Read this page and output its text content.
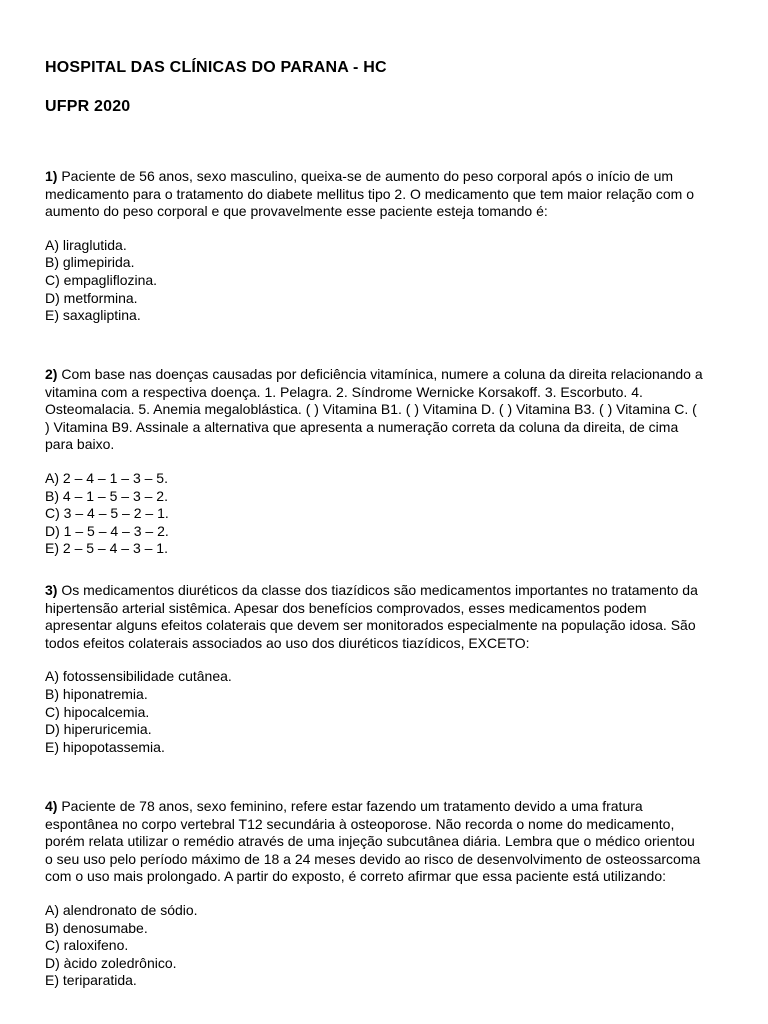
HOSPITAL DAS CLÍNICAS DO PARANA - HC
UFPR 2020

1) Paciente de 56 anos, sexo masculino, queixa-se de aumento do peso corporal após o início de um medicamento para o tratamento do diabete mellitus tipo 2. O medicamento que tem maior relação com o aumento do peso corporal e que provavelmente esse paciente esteja tomando é:

A) liraglutida.
B) glimepirida.
C) empagliflozina.
D) metformina.
E) saxagliptina.

2) Com base nas doenças causadas por deficiência vitamínica, numere a coluna da direita relacionando a vitamina com a respectiva doença. 1. Pelagra. 2. Síndrome Wernicke Korsakoff. 3. Escorbuto. 4. Osteomalacia. 5. Anemia megaloblástica. ( ) Vitamina B1. ( ) Vitamina D. ( ) Vitamina B3. ( ) Vitamina C. ( ) Vitamina B9. Assinale a alternativa que apresenta a numeração correta da coluna da direita, de cima para baixo.

A) 2 – 4 – 1 – 3 – 5.
B) 4 – 1 – 5 – 3 – 2.
C) 3 – 4 – 5 – 2 – 1.
D) 1 – 5 – 4 – 3 – 2.
E) 2 – 5 – 4 – 3 – 1.

3) Os medicamentos diuréticos da classe dos tiazídicos são medicamentos importantes no tratamento da hipertensão arterial sistêmica. Apesar dos benefícios comprovados, esses medicamentos podem apresentar alguns efeitos colaterais que devem ser monitorados especialmente na população idosa. São todos efeitos colaterais associados ao uso dos diuréticos tiazídicos, EXCETO:

A) fotossensibilidade cutânea.
B) hiponatremia.
C) hipocalcemia.
D) hiperuricemia.
E) hipopotassemia.

4) Paciente de 78 anos, sexo feminino, refere estar fazendo um tratamento devido a uma fratura espontânea no corpo vertebral T12 secundária à osteoporose. Não recorda o nome do medicamento, porém relata utilizar o remédio através de uma injeção subcutânea diária. Lembra que o médico orientou o seu uso pelo período máximo de 18 a 24 meses devido ao risco de desenvolvimento de osteossarcoma com o uso mais prolongado. A partir do exposto, é correto afirmar que essa paciente está utilizando:

A) alendronato de sódio.
B) denosumabe.
C) raloxifeno.
D) àcido zoledrônico.
E) teriparatida.
